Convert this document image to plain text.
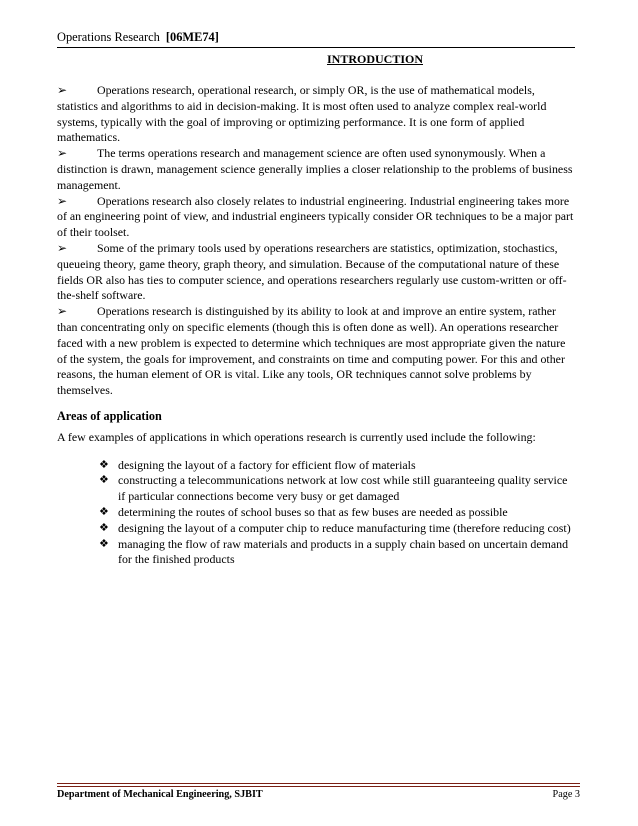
Operations Research [06ME74]
INTRODUCTION

➢	Operations research, operational research, or simply OR, is the use of mathematical models, statistics and algorithms to aid in decision-making. It is most often used to analyze complex real-world systems, typically with the goal of improving or optimizing performance. It is one form of applied mathematics.

➢	The terms operations research and management science are often used synonymously. When a distinction is drawn, management science generally implies a closer relationship to the problems of business management.

➢	Operations research also closely relates to industrial engineering. Industrial engineering takes more of an engineering point of view, and industrial engineers typically consider OR techniques to be a major part of their toolset.

➢	Some of the primary tools used by operations researchers are statistics, optimization, stochastics, queueing theory, game theory, graph theory, and simulation. Because of the computational nature of these fields OR also has ties to computer science, and operations researchers regularly use custom-written or off-the-shelf software.

➢	Operations research is distinguished by its ability to look at and improve an entire system, rather than concentrating only on specific elements (though this is often done as well). An operations researcher faced with a new problem is expected to determine which techniques are most appropriate given the nature of the system, the goals for improvement, and constraints on time and computing power. For this and other reasons, the human element of OR is vital. Like any tools, OR techniques cannot solve problems by themselves.

Areas of application

A few examples of applications in which operations research is currently used include the following:

❖ designing the layout of a factory for efficient flow of materials
❖ constructing a telecommunications network at low cost while still guaranteeing quality service if particular connections become very busy or get damaged
❖ determining the routes of school buses so that as few buses are needed as possible
❖ designing the layout of a computer chip to reduce manufacturing time (therefore reducing cost)
❖ managing the flow of raw materials and products in a supply chain based on uncertain demand for the finished products
Department of Mechanical Engineering, SJBIT	Page 3
